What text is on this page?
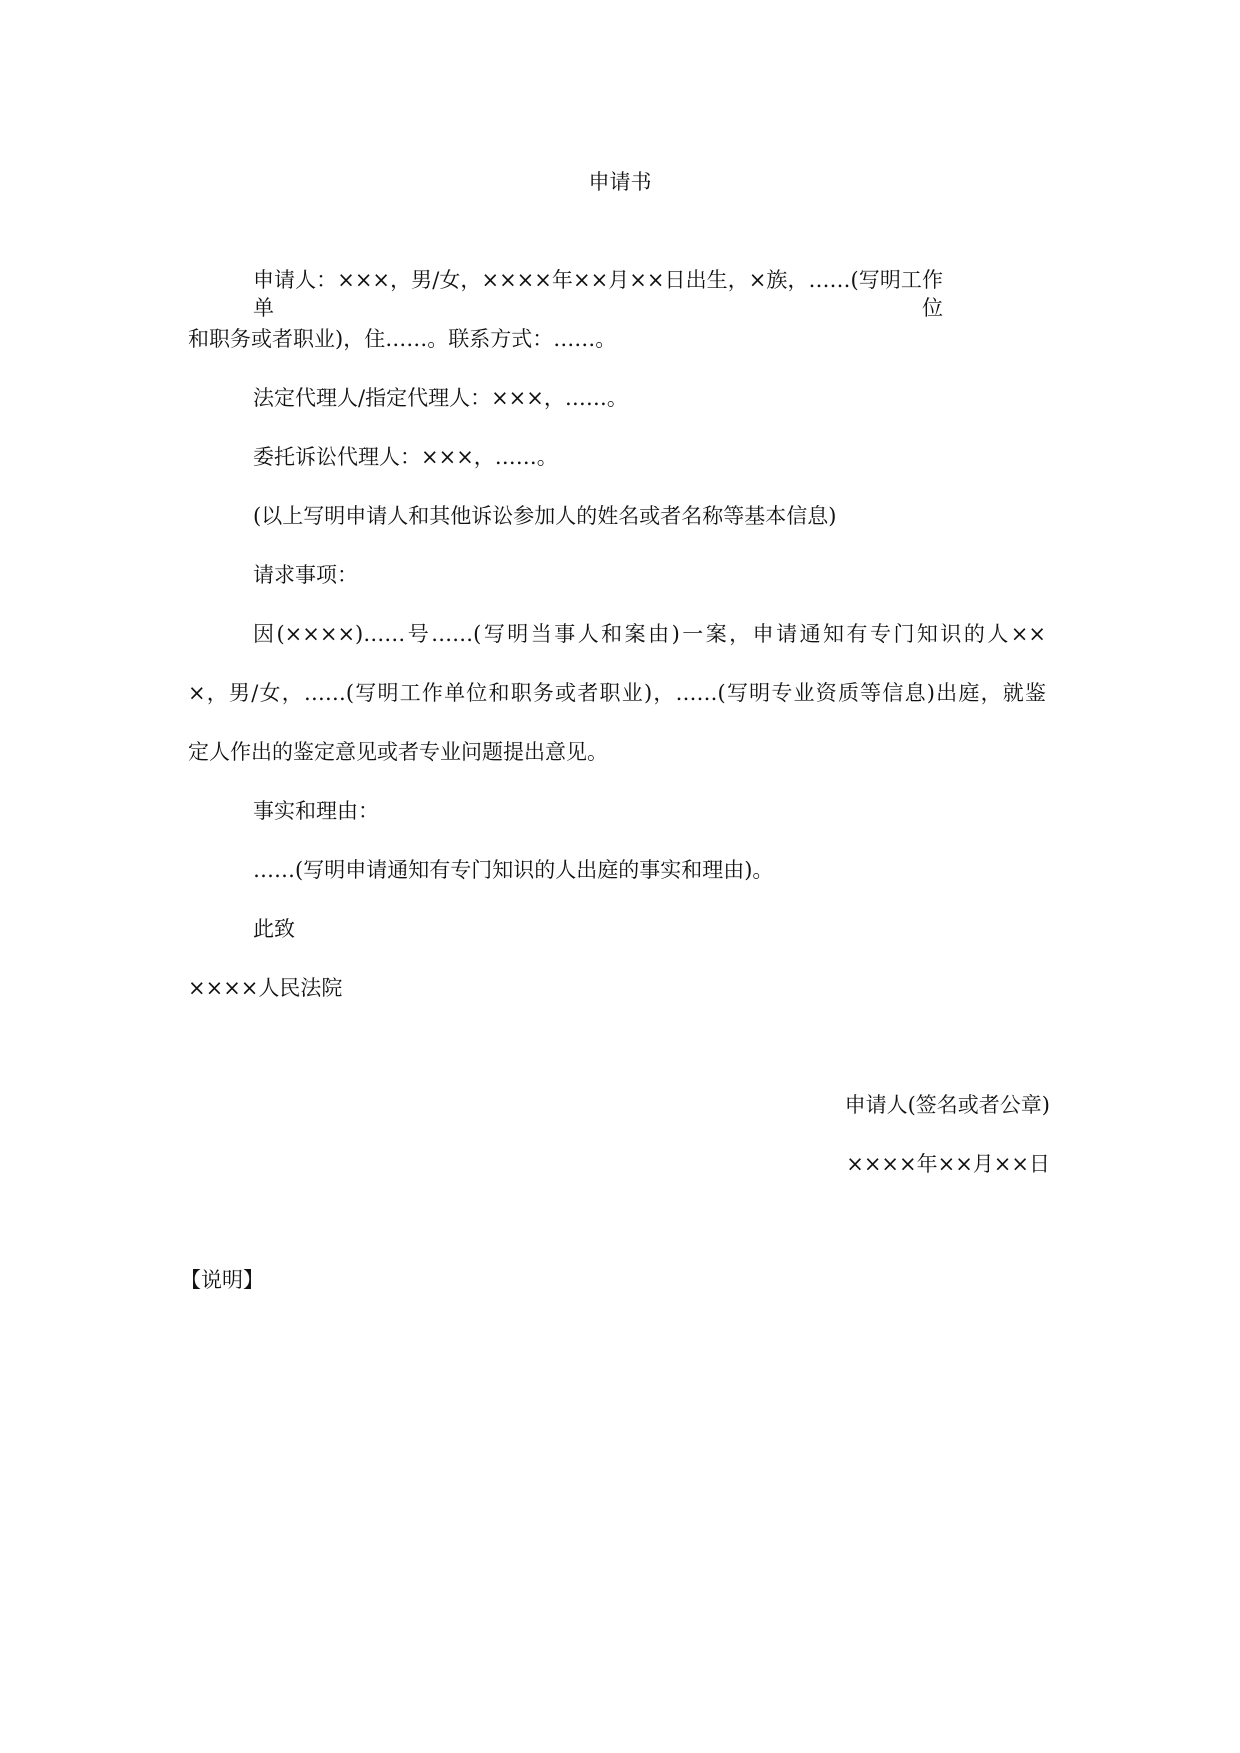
申请书
申请人：×××，男/女，××××年××月××日出生，×族，……(写明工作单位
和职务或者职业)，住……。联系方式：……。
法定代理人/指定代理人：×××，……。
委托诉讼代理人：×××，……。
(以上写明申请人和其他诉讼参加人的姓名或者名称等基本信息)
请求事项：
因(××××)……号……(写明当事人和案由)一案，申请通知有专门知识的人××
×，男/女，……(写明工作单位和职务或者职业)，……(写明专业资质等信息)出庭，就鉴
定人作出的鉴定意见或者专业问题提出意见。
事实和理由：
……(写明申请通知有专门知识的人出庭的事实和理由)。
此致
××××人民法院
申请人(签名或者公章)
××××年××月××日
【说明】
